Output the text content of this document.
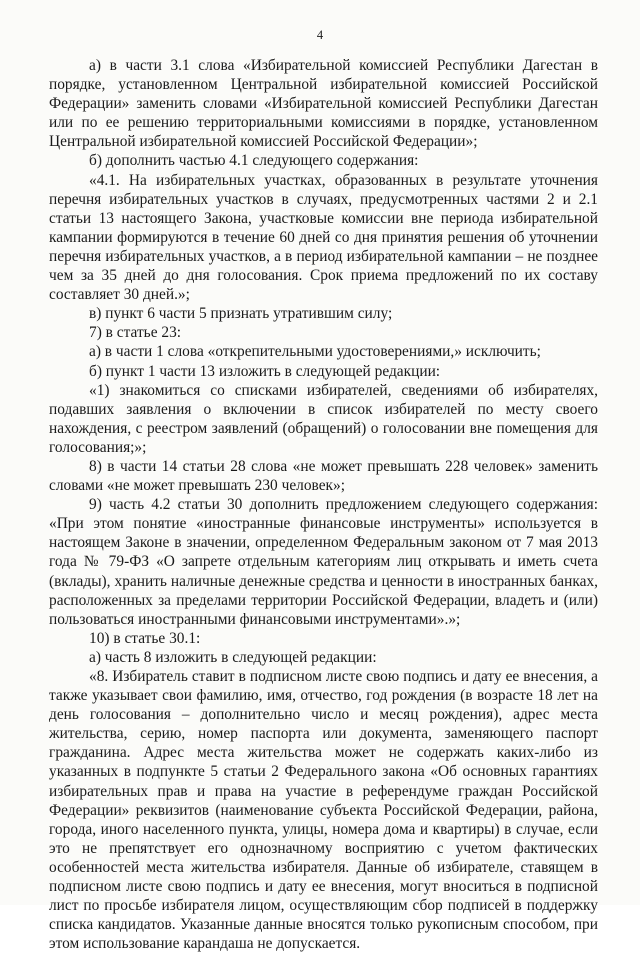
4

а) в части 3.1 слова «Избирательной комиссией Республики Дагестан в порядке, установленном Центральной избирательной комиссией Российской Федерации» заменить словами «Избирательной комиссией Республики Дагестан или по ее решению территориальными комиссиями в порядке, установленном Центральной избирательной комиссией Российской Федерации»;

б) дополнить частью 4.1 следующего содержания:

«4.1. На избирательных участках, образованных в результате уточнения перечня избирательных участков в случаях, предусмотренных частями 2 и 2.1 статьи 13 настоящего Закона, участковые комиссии вне периода избирательной кампании формируются в течение 60 дней со дня принятия решения об уточнении перечня избирательных участков, а в период избирательной кампании – не позднее чем за 35 дней до дня голосования. Срок приема предложений по их составу составляет 30 дней.»;

в) пункт 6 части 5 признать утратившим силу;

7) в статье 23:

а) в части 1 слова «открепительными удостоверениями,» исключить;

б) пункт 1 части 13 изложить в следующей редакции:

«1) знакомиться со списками избирателей, сведениями об избирателях, подавших заявления о включении в список избирателей по месту своего нахождения, с реестром заявлений (обращений) о голосовании вне помещения для голосования;»;

8) в части 14 статьи 28 слова «не может превышать 228 человек» заменить словами «не может превышать 230 человек»;

9) часть 4.2 статьи 30 дополнить предложением следующего содержания: «При этом понятие «иностранные финансовые инструменты» используется в настоящем Законе в значении, определенном Федеральным законом от 7 мая 2013 года № 79-ФЗ «О запрете отдельным категориям лиц открывать и иметь счета (вклады), хранить наличные денежные средства и ценности в иностранных банках, расположенных за пределами территории Российской Федерации, владеть и (или) пользоваться иностранными финансовыми инструментами».»;

10) в статье 30.1:

а) часть 8 изложить в следующей редакции:

«8. Избиратель ставит в подписном листе свою подпись и дату ее внесения, а также указывает свои фамилию, имя, отчество, год рождения (в возрасте 18 лет на день голосования – дополнительно число и месяц рождения), адрес места жительства, серию, номер паспорта или документа, заменяющего паспорт гражданина. Адрес места жительства может не содержать каких-либо из указанных в подпункте 5 статьи 2 Федерального закона «Об основных гарантиях избирательных прав и права на участие в референдуме граждан Российской Федерации» реквизитов (наименование субъекта Российской Федерации, района, города, иного населенного пункта, улицы, номера дома и квартиры) в случае, если это не препятствует его однозначному восприятию с учетом фактических особенностей места жительства избирателя. Данные об избирателе, ставящем в подписном листе свою подпись и дату ее внесения, могут вноситься в подписной лист по просьбе избирателя лицом, осуществляющим сбор подписей в поддержку списка кандидатов. Указанные данные вносятся только рукописным способом, при этом использование карандаша не допускается.
